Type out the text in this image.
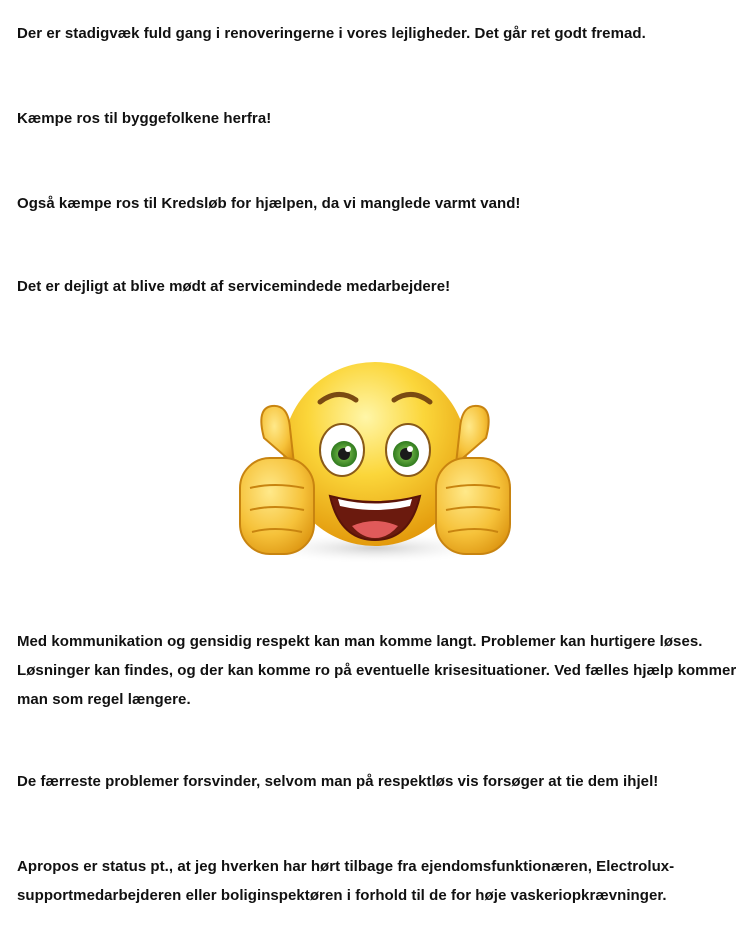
Der er stadigvæk fuld gang i renoveringerne i vores lejligheder. Det går ret godt fremad.

Kæmpe ros til byggefolkene herfra!

Også kæmpe ros til Kredsløb for hjælpen, da vi manglede varmt vand!

Det er dejligt at blive mødt af servicemindede medarbejdere!

Med kommunikation og gensidig respekt kan man komme langt. Problemer kan hurtigere løses. Løsninger kan findes, og der kan komme ro på eventuelle krisesituationer. Ved fælles hjælp kommer man som regel længere.

De færreste problemer forsvinder, selvom man på respektløs vis forsøger at tie dem ihjel!

Apropos er status pt., at jeg hverken har hørt tilbage fra ejendomsfunktionæren, Electrolux-supportmedarbejderen eller boliginspektøren i forhold til de for høje vaskeriopkrævninger.
